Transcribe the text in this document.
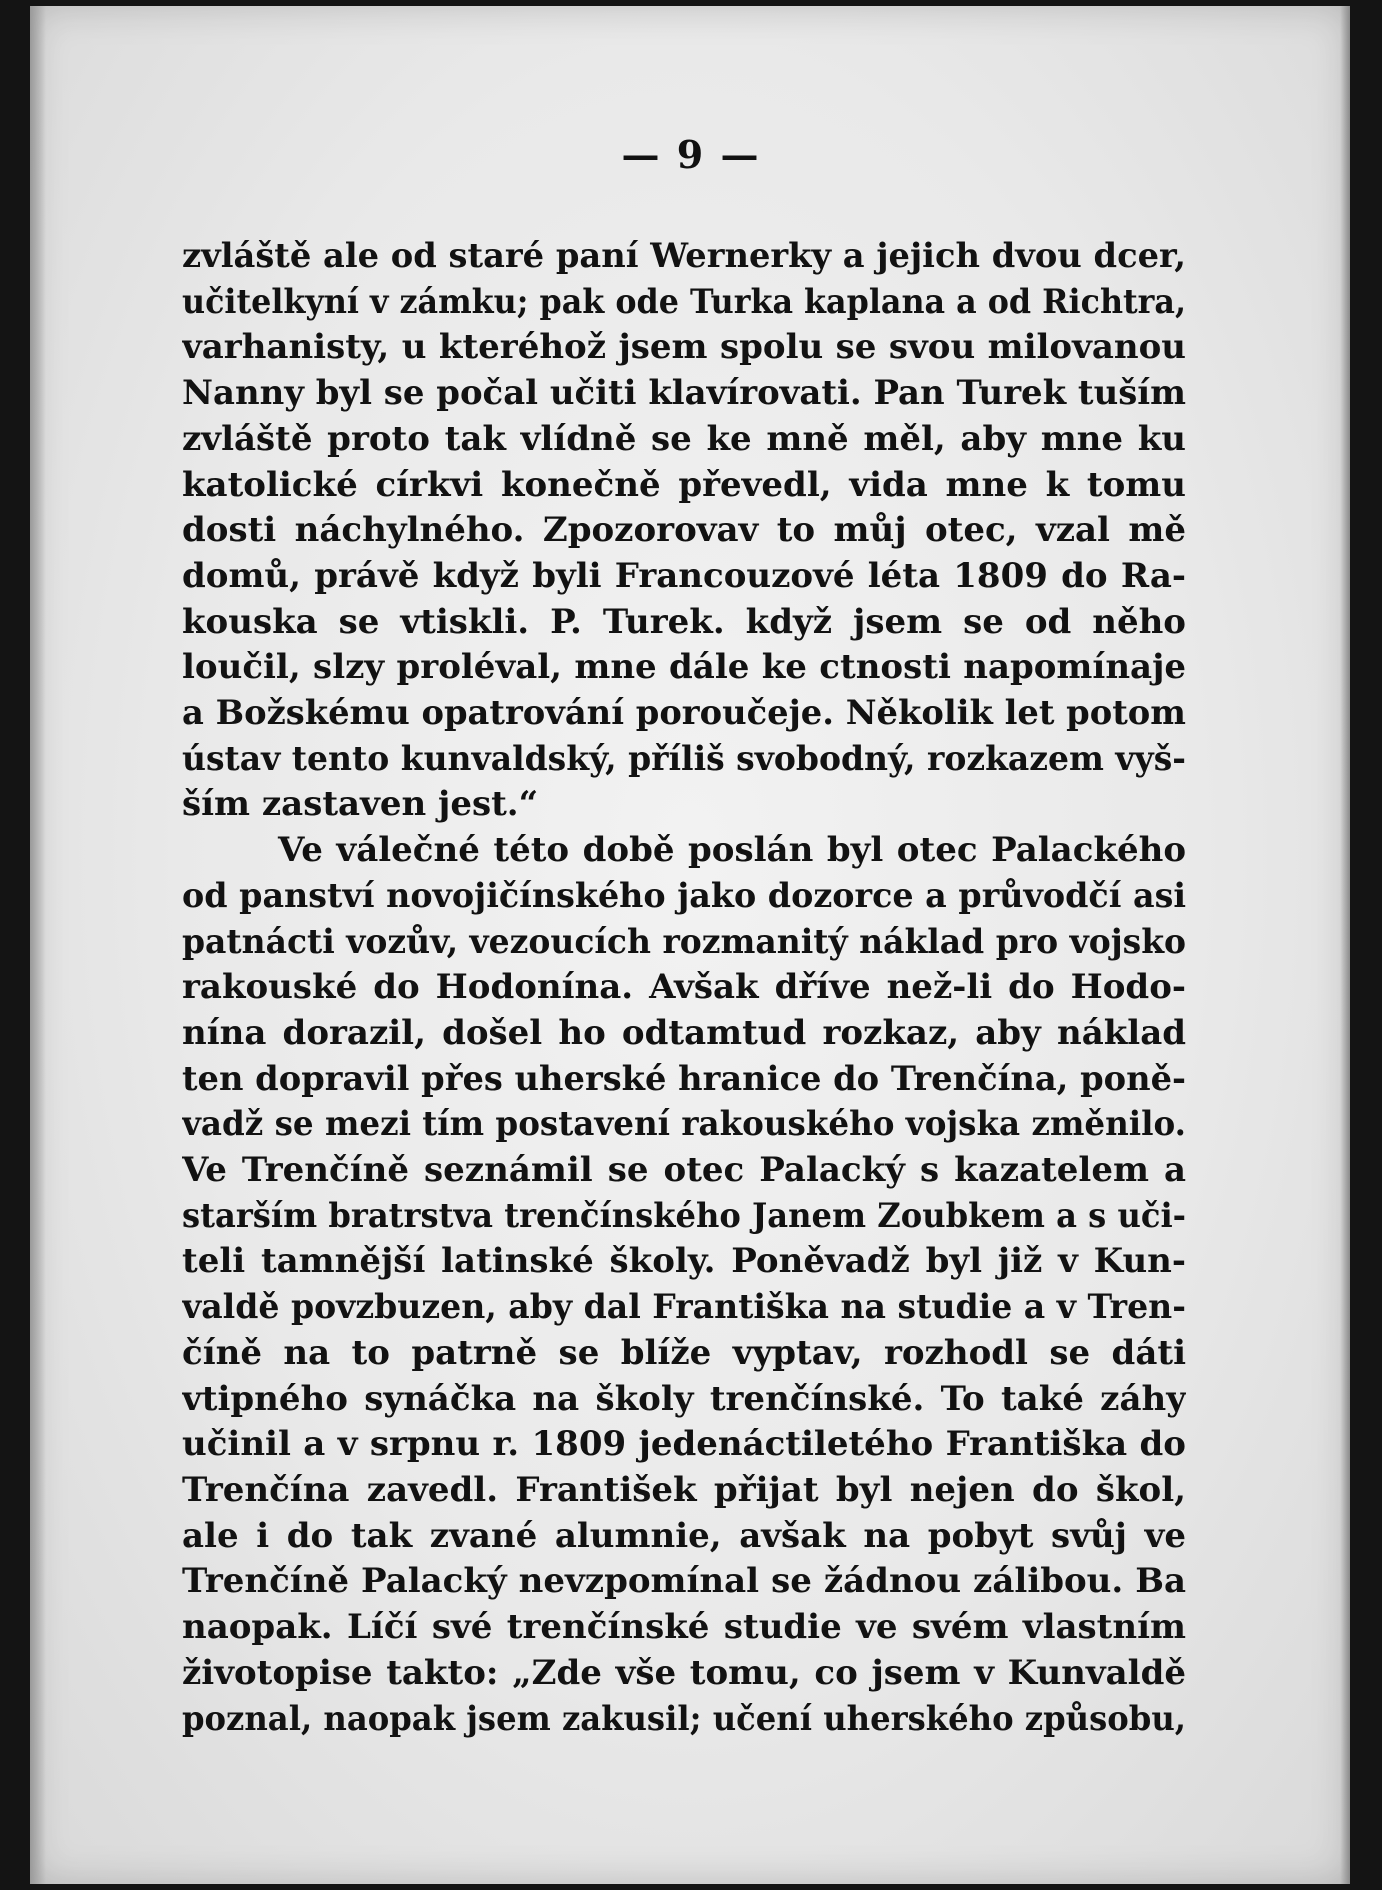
— 9 —
zvláště ale od staré paní Wernerky a jejich dvou dcer,
učitelkyní v zámku; pak ode Turka kaplana a od Richtra,
varhanisty, u kteréhož jsem spolu se svou milovanou
Nanny byl se počal učiti klavírovati. Pan Turek tuším
zvláště proto tak vlídně se ke mně měl, aby mne ku
katolické církvi konečně převedl, vida mne k tomu
dosti náchylného. Zpozorovav to můj otec, vzal mě
domů, právě když byli Francouzové léta 1809 do Ra-
kouska se vtiskli. P. Turek. když jsem se od něho
loučil, slzy proléval, mne dále ke ctnosti napomínaje
a Božskému opatrování poroučeje. Několik let potom
ústav tento kunvaldský, příliš svobodný, rozkazem vyš-
ším zastaven jest.“
Ve válečné této době poslán byl otec Palackého
od panství novojičínského jako dozorce a průvodčí asi
patnácti vozův, vezoucích rozmanitý náklad pro vojsko
rakouské do Hodonína. Avšak dříve než-li do Hodo-
nína dorazil, došel ho odtamtud rozkaz, aby náklad
ten dopravil přes uherské hranice do Trenčína, poně-
vadž se mezi tím postavení rakouského vojska změnilo.
Ve Trenčíně seznámil se otec Palacký s kazatelem a
starším bratrstva trenčínského Janem Zoubkem a s uči-
teli tamnější latinské školy. Poněvadž byl již v Kun-
valdě povzbuzen, aby dal Františka na studie a v Tren-
číně na to patrně se blíže vyptav, rozhodl se dáti
vtipného synáčka na školy trenčínské. To také záhy
učinil a v srpnu r. 1809 jedenáctiletého Františka do
Trenčína zavedl. František přijat byl nejen do škol,
ale i do tak zvané alumnie, avšak na pobyt svůj ve
Trenčíně Palacký nevzpomínal se žádnou zálibou. Ba
naopak. Líčí své trenčínské studie ve svém vlastním
životopise takto: „Zde vše tomu, co jsem v Kunvaldě
poznal, naopak jsem zakusil; učení uherského způsobu,
